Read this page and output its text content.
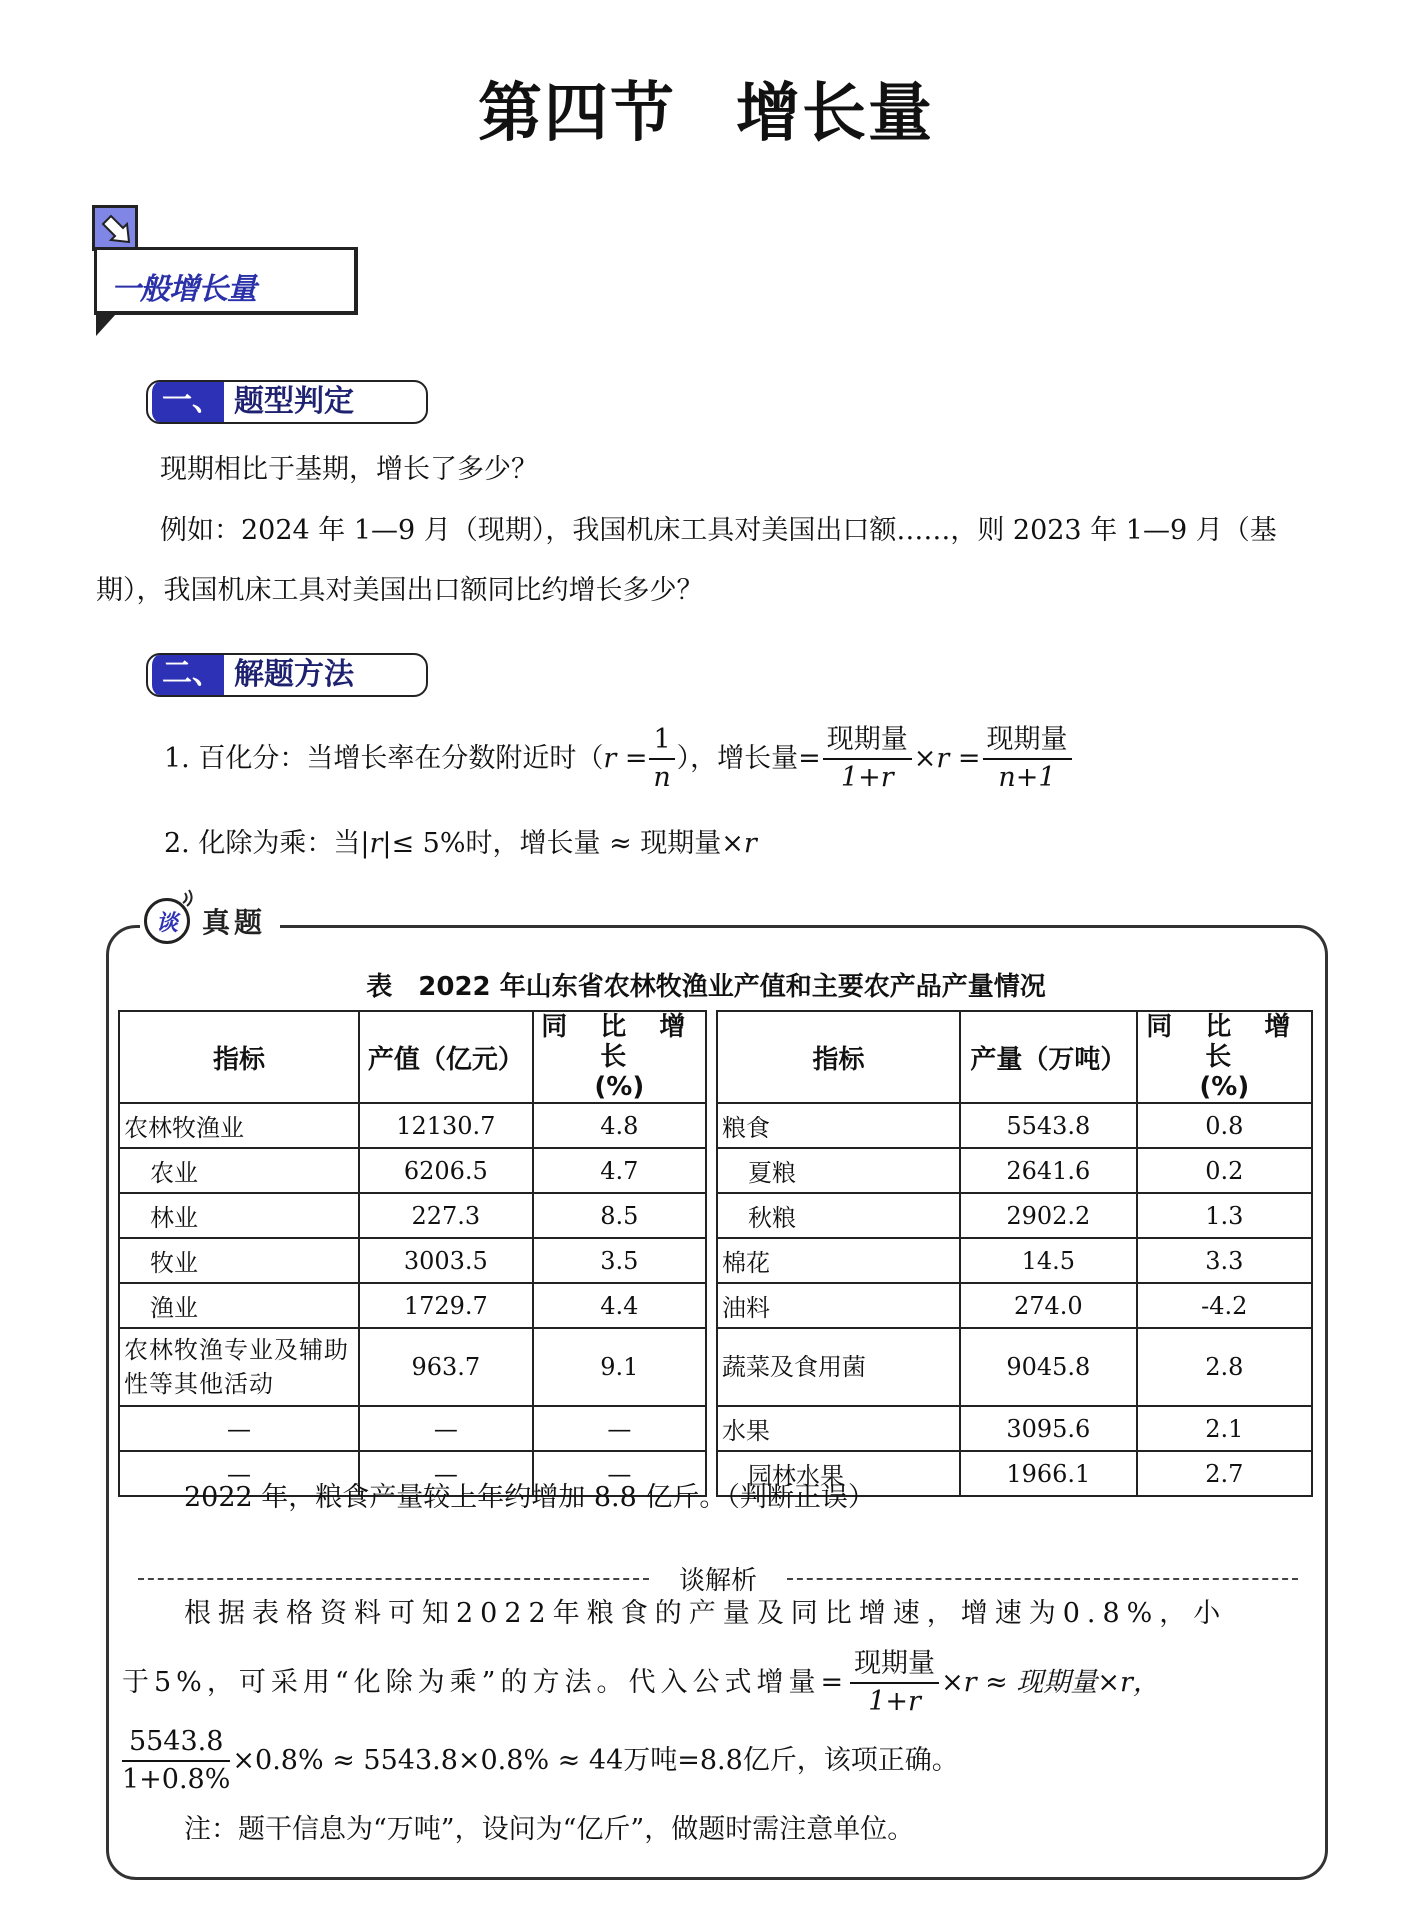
第四节 增长量
一般增长量
一、 题型判定
现期相比于基期，增长了多少？
例如：2024 年 1—9 月（现期），我国机床工具对美国出口额……，则 2023 年 1—9 月（基
期），我国机床工具对美国出口额同比约增长多少？
二、 解题方法
1. 百化分：当增长率在分数附近时（ $r = \frac{1}{n}$ ），增长量= $\frac{\text{现期量}}{1+r} \times r = \frac{\text{现期量}}{n+1}$
2. 化除为乘：当|r|≤ 5%时，增长量 ≈ 现期量×r
谈 真题
表　2022 年山东省农林牧渔业产值和主要农产品产量情况
指标	产值（亿元）	同 比 增 长
(%)

农林牧渔业	12130.7	4.8
农业	6206.5	4.7
林业	227.3	8.5
牧业	3003.5	3.5
渔业	1729.7	4.4
农林牧渔专业及辅助性等其他活动	963.7	9.1
—	—	—
—	—	—
指标	产量（万吨）	同 比 增 长
(%)

粮食	5543.8	0.8
夏粮	2641.6	0.2
秋粮	2902.2	1.3
棉花	14.5	3.3
油料	274.0	-4.2
蔬菜及食用菌	9045.8	2.8
水果	3095.6	2.1
园林水果	1966.1	2.7
2022 年，粮食产量较上年约增加 8.8 亿斤。（判断正误）
谈解析
根据表格资料可知2022年粮食的产量及同比增速，增速为0.8%，小
于5%，可采用“化除为乘”的方法。代入公式增量= $\frac{\text{现期量}}{1+r} \times r$ ≈ 现期量×r，
$\frac{5543.8}{1+0.8\%} \times 0.8\% \approx 5543.8\times 0.8\% \approx 44$万吨=8.8亿斤，该项正确。
注：题干信息为“万吨”，设问为“亿斤”，做题时需注意单位。
